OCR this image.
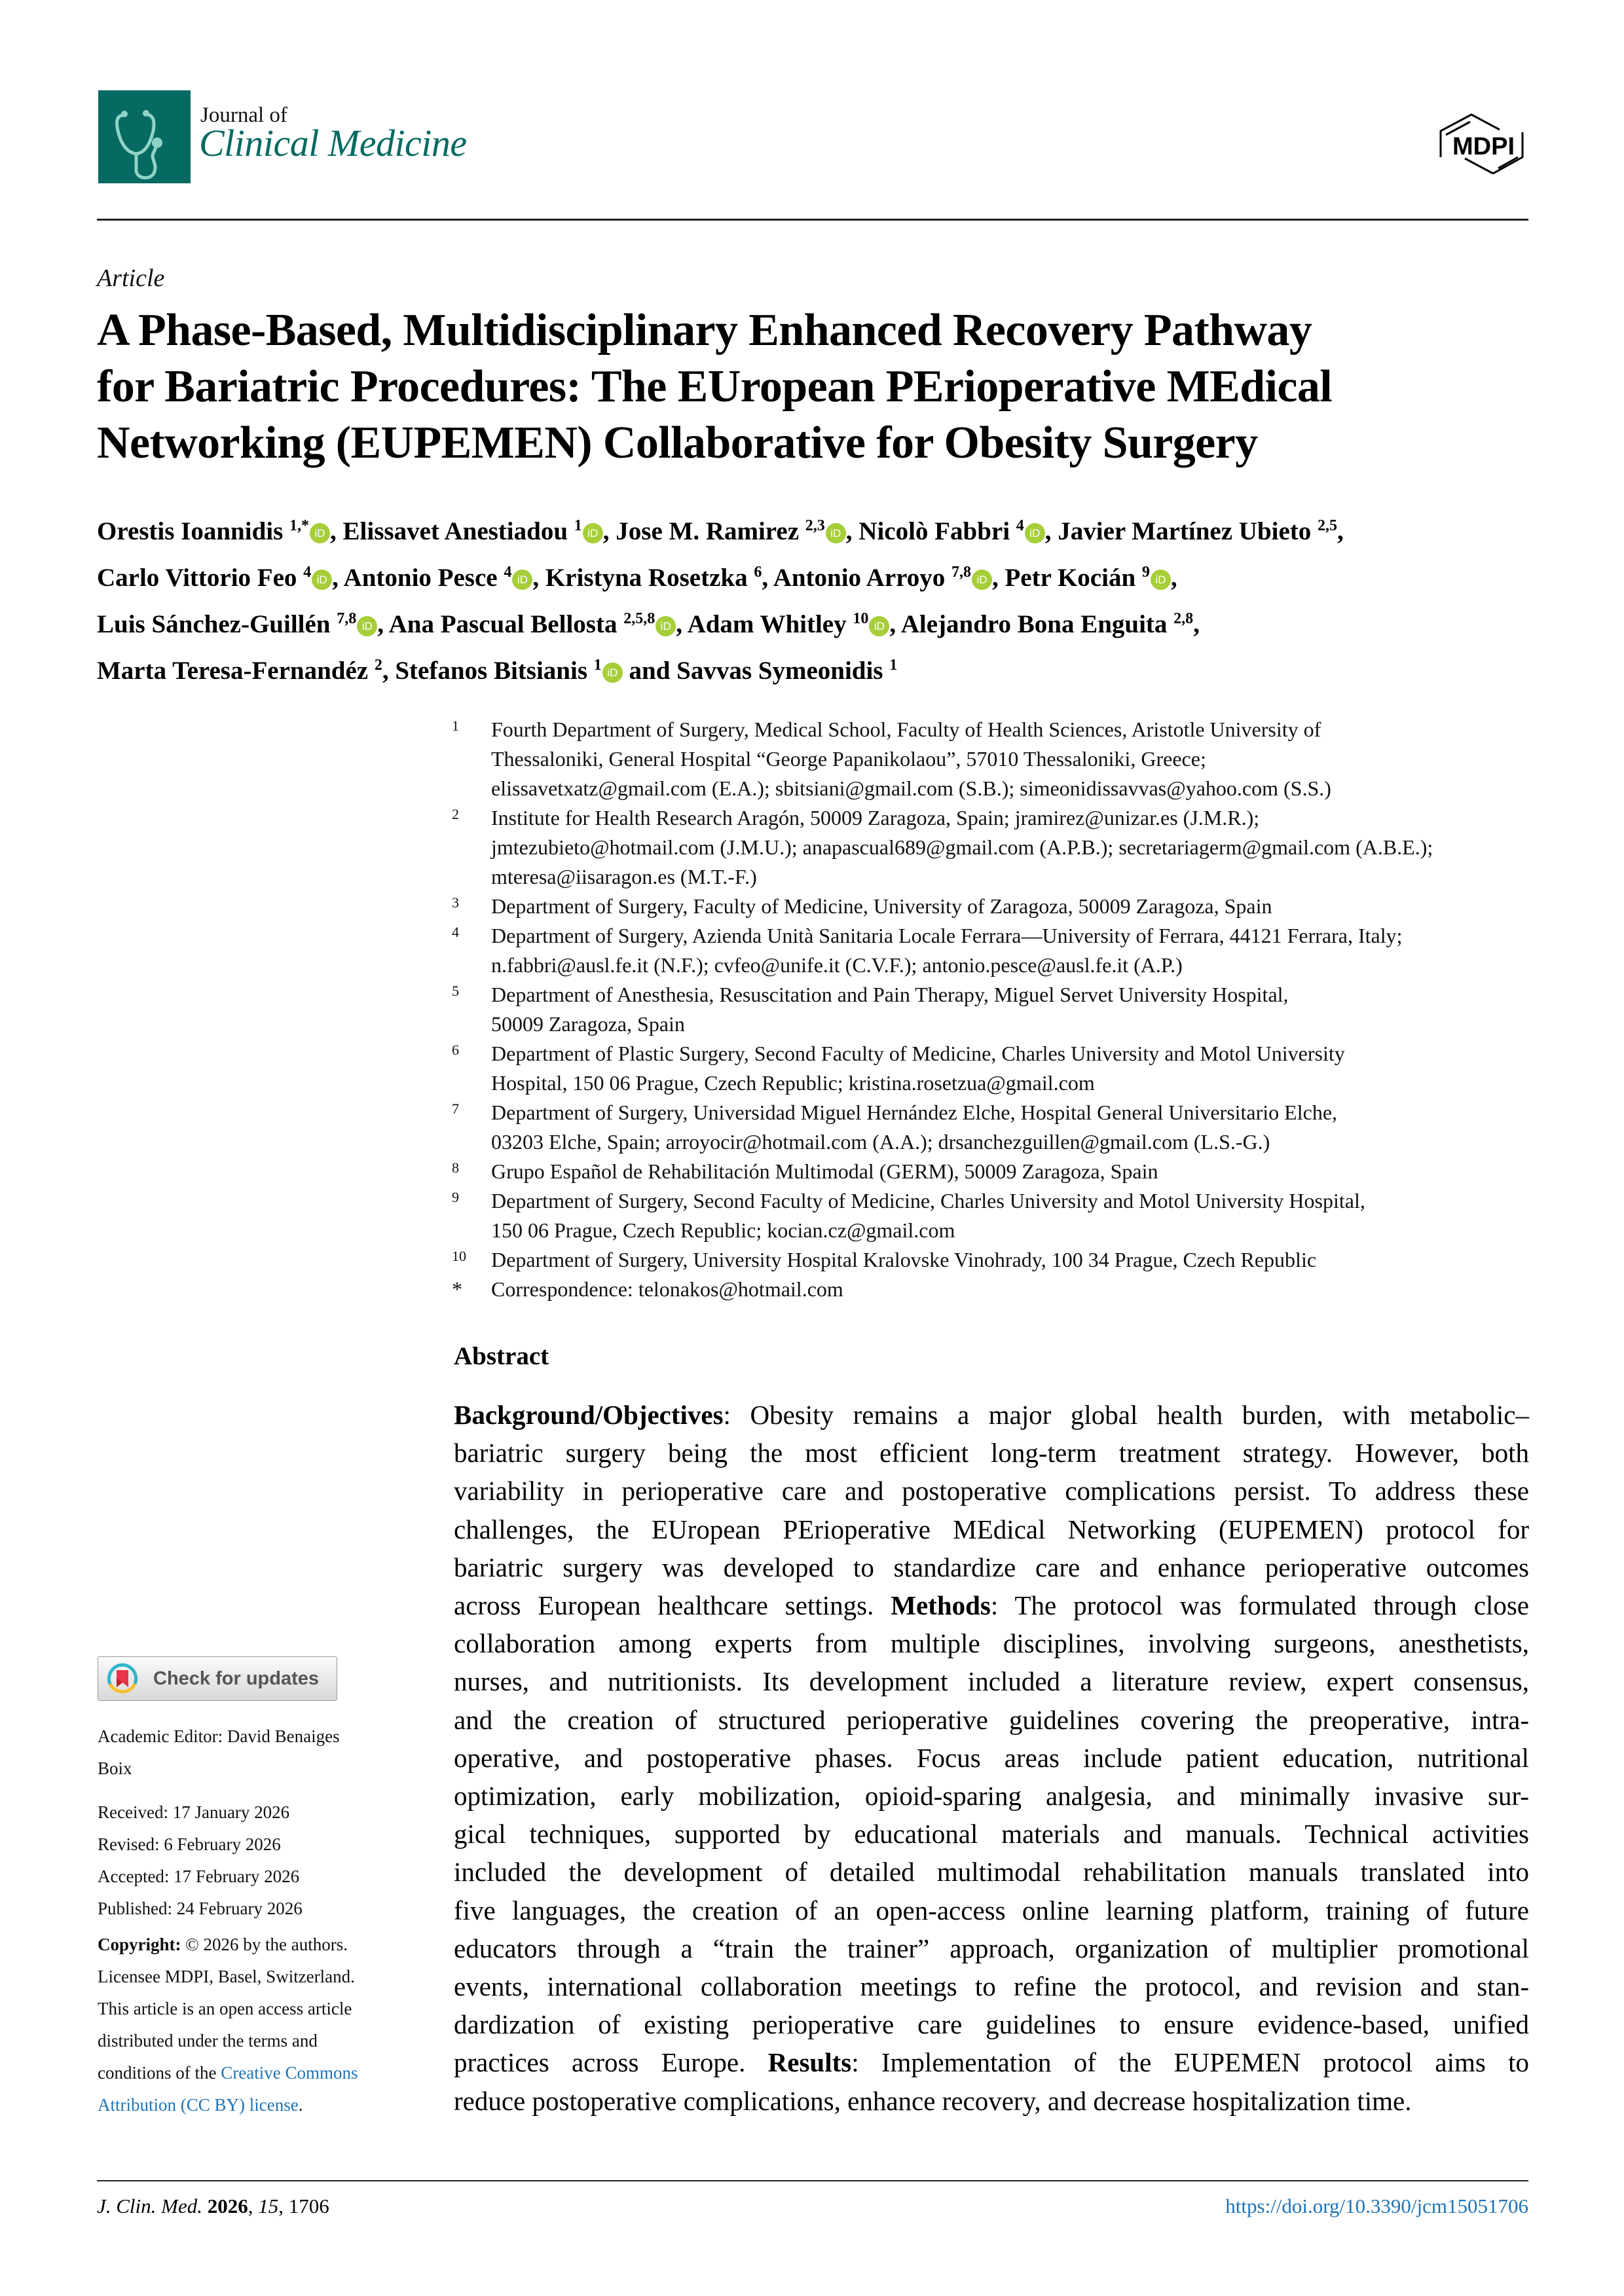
Journal of
Clinical Medicine	MDPI
Article
A Phase-Based, Multidisciplinary Enhanced Recovery Pathway
for Bariatric Procedures: The EUropean PErioperative MEdical
Networking (EUPEMEN) Collaborative for Obesity Surgery
Orestis Ioannidis $^{1,*}$ iD , Elissavet Anestiadou $^1$ iD , Jose M. Ramirez $^{2,3}$ iD , Nicolò Fabbri $^4$ iD , Javier Martínez Ubieto $^{2,5}$,
Carlo Vittorio Feo $^4$ iD , Antonio Pesce $^4$ iD , Kristyna Rosetzka $^6$, Antonio Arroyo $^{7,8}$ iD , Petr Kocián $^9$ iD ,
Luis Sánchez-Guillén $^{7,8}$ iD , Ana Pascual Bellosta $^{2,5,8}$ iD , Adam Whitley $^{10}$ iD , Alejandro Bona Enguita $^{2,8}$,
Marta Teresa-Fernandéz $^2$, Stefanos Bitsianis $^1$ iD and Savvas Symeonidis $^1$
1 Fourth Department of Surgery, Medical School, Faculty of Health Sciences, Aristotle University of
Thessaloniki, General Hospital “George Papanikolaou”, 57010 Thessaloniki, Greece;
elissavetxatz@gmail.com (E.A.); sbitsiani@gmail.com (S.B.); simeonidissavvas@yahoo.com (S.S.)
2 Institute for Health Research Aragón, 50009 Zaragoza, Spain; jramirez@unizar.es (J.M.R.);
jmtezubieto@hotmail.com (J.M.U.); anapascual689@gmail.com (A.P.B.); secretariagerm@gmail.com (A.B.E.);
mteresa@iisaragon.es (M.T.-F.)
3 Department of Surgery, Faculty of Medicine, University of Zaragoza, 50009 Zaragoza, Spain
4 Department of Surgery, Azienda Unità Sanitaria Locale Ferrara—University of Ferrara, 44121 Ferrara, Italy;
n.fabbri@ausl.fe.it (N.F.); cvfeo@unife.it (C.V.F.); antonio.pesce@ausl.fe.it (A.P.)
5 Department of Anesthesia, Resuscitation and Pain Therapy, Miguel Servet University Hospital,
50009 Zaragoza, Spain
6 Department of Plastic Surgery, Second Faculty of Medicine, Charles University and Motol University
Hospital, 150 06 Prague, Czech Republic; kristina.rosetzua@gmail.com
7 Department of Surgery, Universidad Miguel Hernández Elche, Hospital General Universitario Elche,
03203 Elche, Spain; arroyocir@hotmail.com (A.A.); drsanchezguillen@gmail.com (L.S.-G.)
8 Grupo Español de Rehabilitación Multimodal (GERM), 50009 Zaragoza, Spain
9 Department of Surgery, Second Faculty of Medicine, Charles University and Motol University Hospital,
150 06 Prague, Czech Republic; kocian.cz@gmail.com
10 Department of Surgery, University Hospital Kralovske Vinohrady, 100 34 Prague, Czech Republic
* Correspondence: telonakos@hotmail.com
Abstract
Background/Objectives: Obesity remains a major global health burden, with metabolic–
bariatric surgery being the most efficient long-term treatment strategy. However, both
variability in perioperative care and postoperative complications persist. To address these
challenges, the EUropean PErioperative MEdical Networking (EUPEMEN) protocol for
bariatric surgery was developed to standardize care and enhance perioperative outcomes
across European healthcare settings. Methods: The protocol was formulated through close
collaboration among experts from multiple disciplines, involving surgeons, anesthetists,
nurses, and nutritionists. Its development included a literature review, expert consensus,
and the creation of structured perioperative guidelines covering the preoperative, intra-
operative, and postoperative phases. Focus areas include patient education, nutritional
optimization, early mobilization, opioid-sparing analgesia, and minimally invasive sur-
gical techniques, supported by educational materials and manuals. Technical activities
included the development of detailed multimodal rehabilitation manuals translated into
five languages, the creation of an open-access online learning platform, training of future
educators through a “train the trainer” approach, organization of multiplier promotional
events, international collaboration meetings to refine the protocol, and revision and stan-
dardization of existing perioperative care guidelines to ensure evidence-based, unified
practices across Europe. Results: Implementation of the EUPEMEN protocol aims to
reduce postoperative complications, enhance recovery, and decrease hospitalization time.
Check for updates
Academic Editor: David Benaiges
Boix
Received: 17 January 2026
Revised: 6 February 2026
Accepted: 17 February 2026
Published: 24 February 2026
Copyright: © 2026 by the authors.
Licensee MDPI, Basel, Switzerland.
This article is an open access article
distributed under the terms and
conditions of the Creative Commons
Attribution (CC BY) license.
J. Clin. Med. 2026, 15, 1706	https://doi.org/10.3390/jcm15051706
